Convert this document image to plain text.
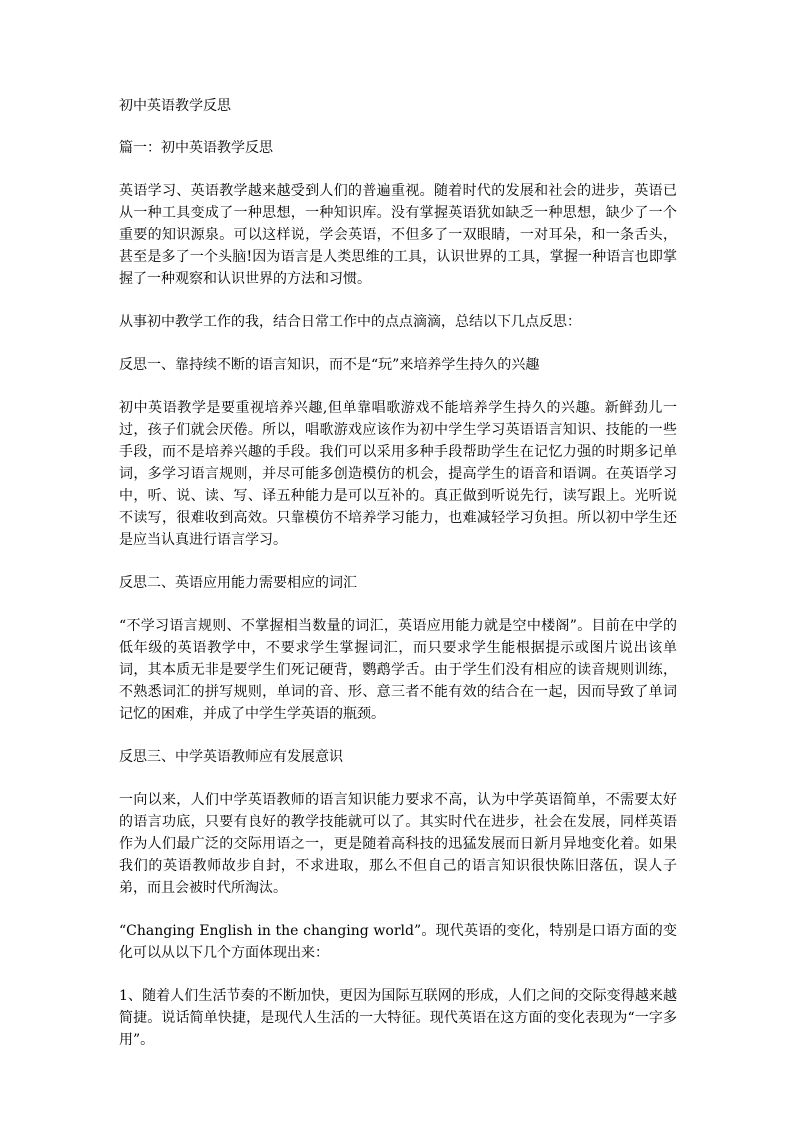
初中英语教学反思

篇一：初中英语教学反思

英语学习、英语教学越来越受到人们的普遍重视。随着时代的发展和社会的进步，英语已从一种工具变成了一种思想，一种知识库。没有掌握英语犹如缺乏一种思想，缺少了一个重要的知识源泉。可以这样说，学会英语，不但多了一双眼睛，一对耳朵，和一条舌头，甚至是多了一个头脑!因为语言是人类思维的工具，认识世界的工具，掌握一种语言也即掌握了一种观察和认识世界的方法和习惯。

从事初中教学工作的我，结合日常工作中的点点滴滴，总结以下几点反思：

反思一、靠持续不断的语言知识，而不是“玩”来培养学生持久的兴趣

初中英语教学是要重视培养兴趣,但单靠唱歌游戏不能培养学生持久的兴趣。新鲜劲儿一过，孩子们就会厌倦。所以，唱歌游戏应该作为初中学生学习英语语言知识、技能的一些手段，而不是培养兴趣的手段。我们可以采用多种手段帮助学生在记忆力强的时期多记单词，多学习语言规则，并尽可能多创造模仿的机会，提高学生的语音和语调。在英语学习中，听、说、读、写、译五种能力是可以互补的。真正做到听说先行，读写跟上。光听说不读写，很难收到高效。只靠模仿不培养学习能力，也难减轻学习负担。所以初中学生还是应当认真进行语言学习。

反思二、英语应用能力需要相应的词汇

“不学习语言规则、不掌握相当数量的词汇，英语应用能力就是空中楼阁”。目前在中学的低年级的英语教学中，不要求学生掌握词汇，而只要求学生能根据提示或图片说出该单词，其本质无非是要学生们死记硬背，鹦鹉学舌。由于学生们没有相应的读音规则训练，不熟悉词汇的拼写规则，单词的音、形、意三者不能有效的结合在一起，因而导致了单词记忆的困难，并成了中学生学英语的瓶颈。

反思三、中学英语教师应有发展意识

一向以来，人们中学英语教师的语言知识能力要求不高，认为中学英语简单，不需要太好的语言功底，只要有良好的教学技能就可以了。其实时代在进步，社会在发展，同样英语作为人们最广泛的交际用语之一，更是随着高科技的迅猛发展而日新月异地变化着。如果我们的英语教师故步自封，不求进取，那么不但自己的语言知识很快陈旧落伍，误人子弟，而且会被时代所淘汰。

“Changing English in the changing world”。现代英语的变化，特别是口语方面的变化可以从以下几个方面体现出来：

1、随着人们生活节奏的不断加快，更因为国际互联网的形成，人们之间的交际变得越来越简捷。说话简单快捷，是现代人生活的一大特征。现代英语在这方面的变化表现为“一字多用”。
